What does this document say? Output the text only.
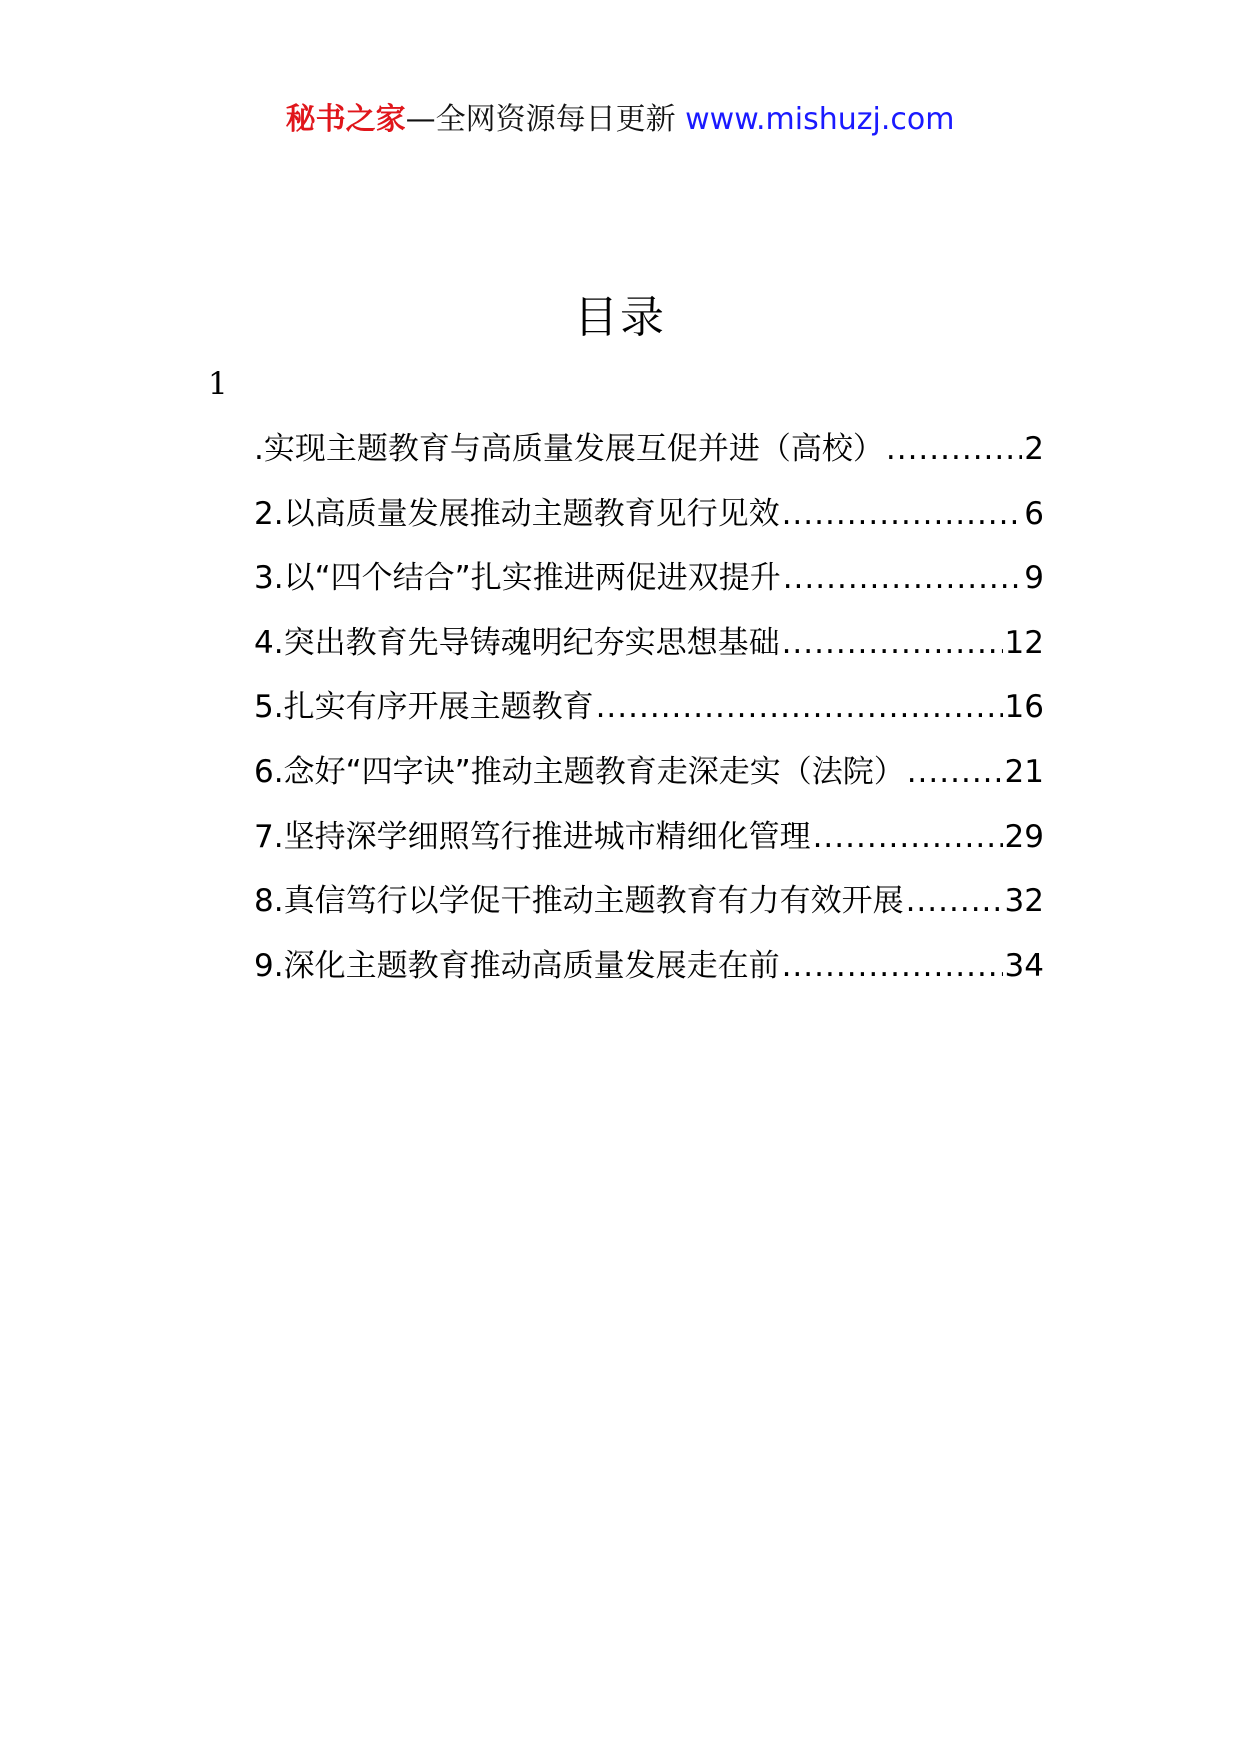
秘书之家—全网资源每日更新 www.mishuzj.com
目录
1
.实现主题教育与高质量发展互促并进（高校） .....	2
2.以高质量发展推动主题教育见行见效 .....	6
3.以“四个结合”扎实推进两促进双提升 .....	9
4.突出教育先导铸魂明纪夯实思想基础 .....	12
5.扎实有序开展主题教育 .....	16
6.念好“四字诀”推动主题教育走深走实（法院） .....	21
7.坚持深学细照笃行推进城市精细化管理 .....	29
8.真信笃行以学促干推动主题教育有力有效开展 .....	32
9.深化主题教育推动高质量发展走在前 .....	34
